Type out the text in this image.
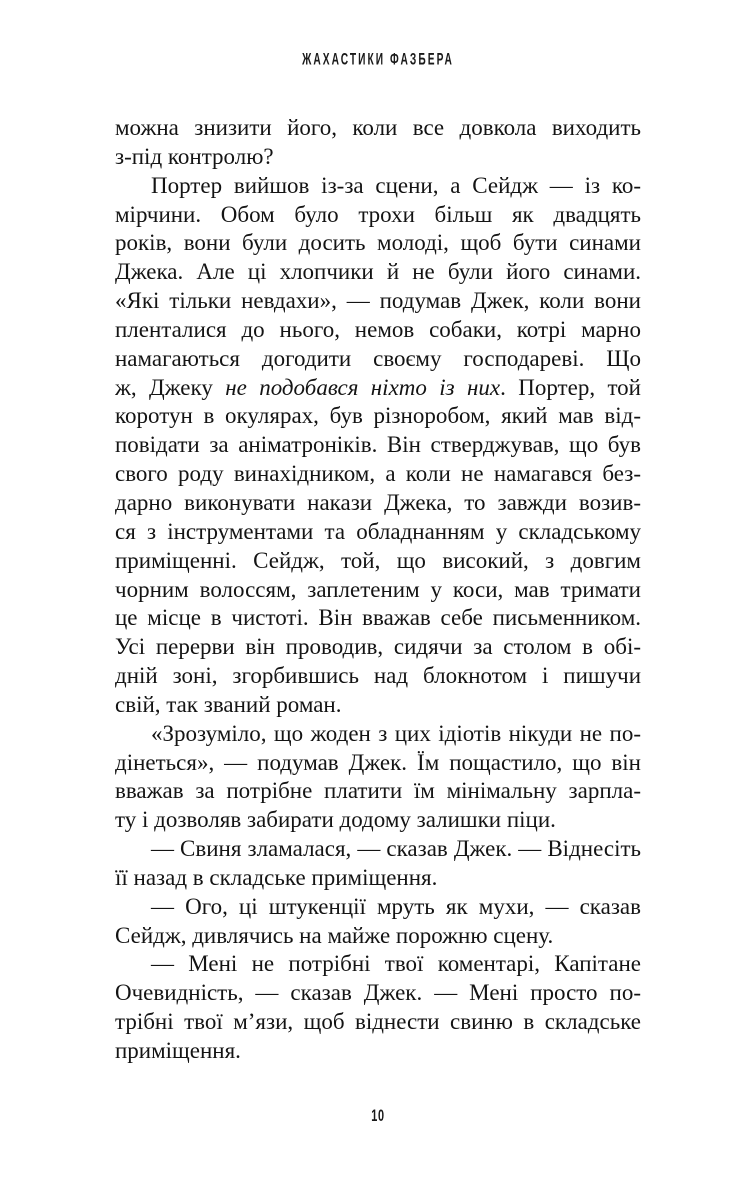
ЖАХАСТИКИ ФАЗБЕРА

можна знизити його, коли все довкола виходить
з-під контролю?

Портер вийшов із-за сцени, а Сейдж — із ко-
мірчини. Обом було трохи більш як двадцять
років, вони були досить молоді, щоб бути синами
Джека. Але ці хлопчики й не були його синами.
«Які тільки невдахи», — подумав Джек, коли вони
пленталися до нього, немов собаки, котрі марно
намагаються догодити своєму господареві. Що
ж, Джеку не подобався ніхто із них. Портер, той
коротун в окулярах, був різноробом, який мав від-
повідати за аніматроніків. Він стверджував, що був
свого роду винахідником, а коли не намагався без-
дарно виконувати накази Джека, то завжди возив-
ся з інструментами та обладнанням у складському
приміщенні. Сейдж, той, що високий, з довгим
чорним волоссям, заплетеним у коси, мав тримати
це місце в чистоті. Він вважав себе письменником.
Усі перерви він проводив, сидячи за столом в обі-
дній зоні, згорбившись над блокнотом і пишучи
свій, так званий роман.

«Зрозуміло, що жоден з цих ідіотів нікуди не по-
дінеться», — подумав Джек. Їм пощастило, що він
вважав за потрібне платити їм мінімальну зарпла-
ту і дозволяв забирати додому залишки піци.

— Свиня зламалася, — сказав Джек. — Віднесіть
її назад в складське приміщення.

— Ого, ці штукенції мруть як мухи, — сказав
Сейдж, дивлячись на майже порожню сцену.

— Мені не потрібні твої коментарі, Капітане
Очевидність, — сказав Джек. — Мені просто по-
трібні твої м’язи, щоб віднести свиню в складське
приміщення.

10
